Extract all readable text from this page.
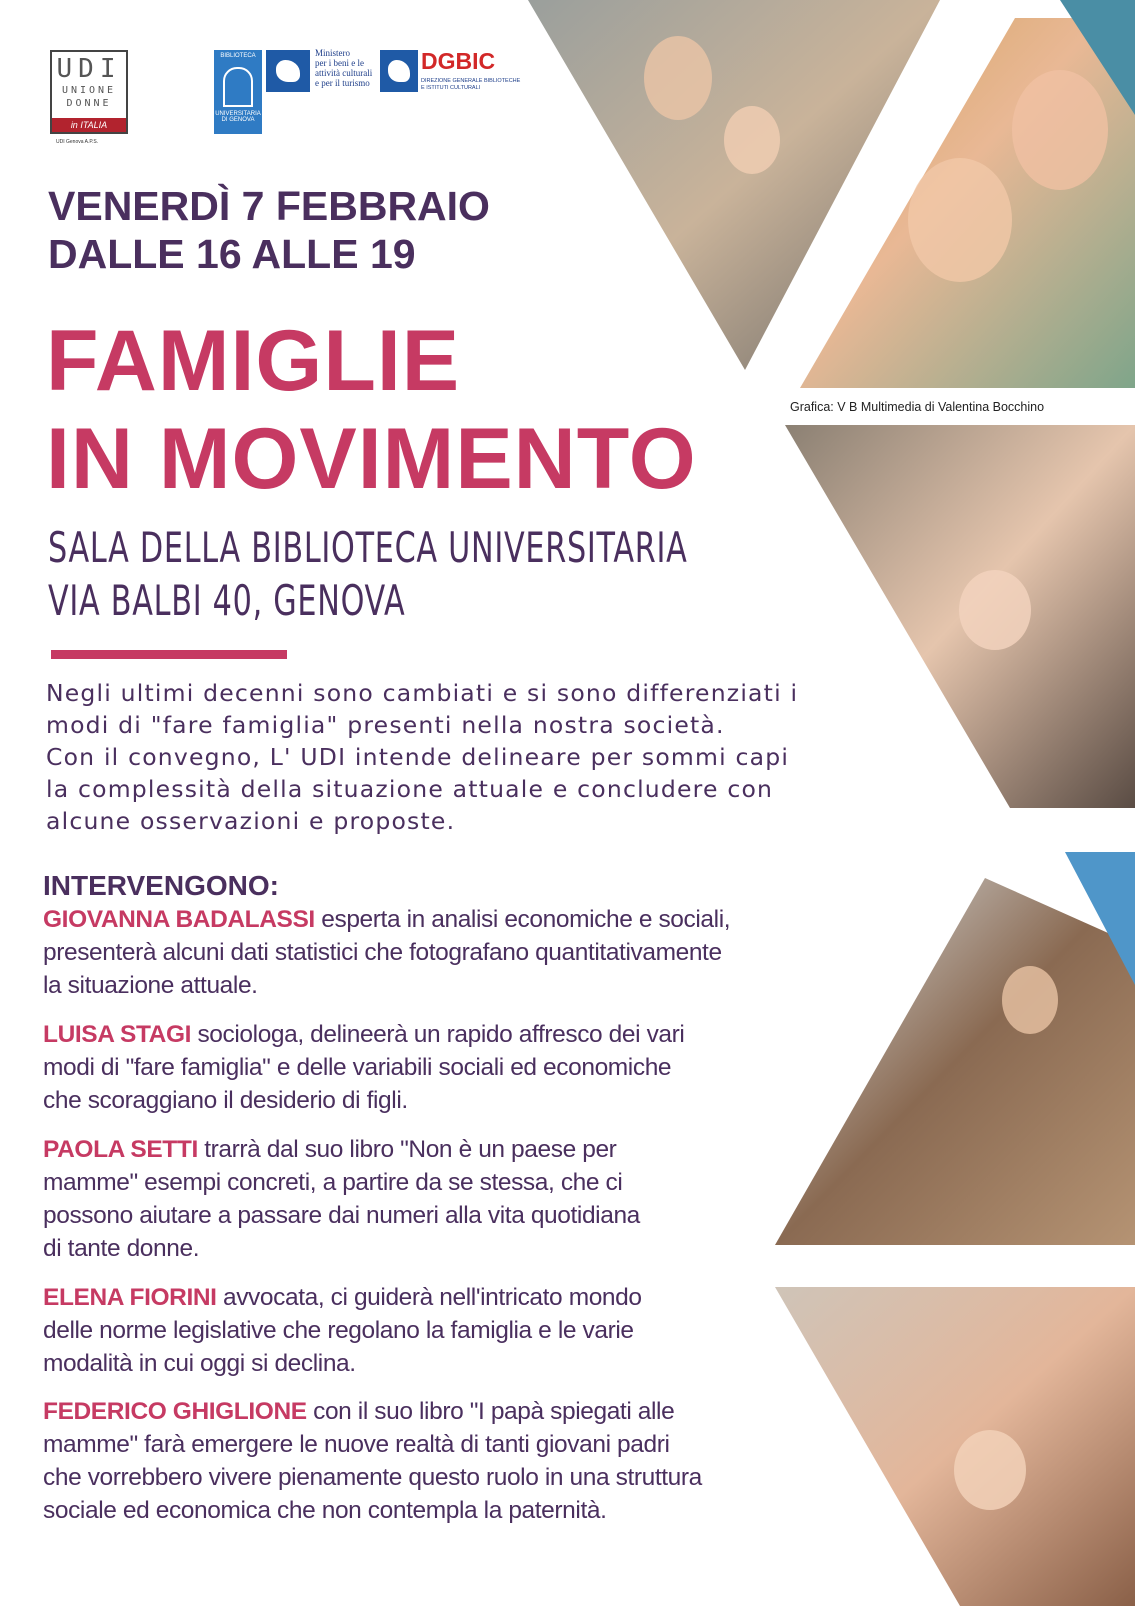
UDI
UNIONE
DONNE
in ITALIA
UDI Genova A.P.S.
BIBLIOTECA
UNIVERSITARIA DI GENOVA
Ministero
per i beni e le
attività culturali
e per il turismo
DGBIC
DIREZIONE GENERALE BIBLIOTECHE E ISTITUTI CULTURALI
VENERDÌ 7 FEBBRAIO
DALLE 16 ALLE 19
FAMIGLIE
IN MOVIMENTO
Grafica: V B Multimedia di Valentina Bocchino
SALA DELLA BIBLIOTECA UNIVERSITARIA
VIA BALBI 40, GENOVA

Negli ultimi decenni sono cambiati e si sono differenziati i

modi di "fare famiglia" presenti nella nostra società.

Con il convegno, L' UDI intende delineare per sommi capi

la complessità della situazione attuale e concludere con

alcune osservazioni e proposte.

INTERVENGONO:
GIOVANNA BADALASSI esperta in analisi economiche e sociali,
presenterà alcuni dati statistici che fotografano quantitativamente
la situazione attuale.
LUISA STAGI sociologa, delineerà un rapido affresco dei vari
modi di "fare famiglia" e delle variabili sociali ed economiche
che scoraggiano il desiderio di figli.
PAOLA SETTI trarrà dal suo libro "Non è un paese per
mamme" esempi concreti, a partire da se stessa, che ci
possono aiutare a passare dai numeri alla vita quotidiana
di tante donne.
ELENA FIORINI avvocata, ci guiderà nell'intricato mondo
delle norme legislative che regolano la famiglia e le varie
modalità in cui oggi si declina.
FEDERICO GHIGLIONE con il suo libro "I papà spiegati alle
mamme" farà emergere le nuove realtà di tanti giovani padri
che vorrebbero vivere pienamente questo ruolo in una struttura
sociale ed economica che non contempla la paternità.
